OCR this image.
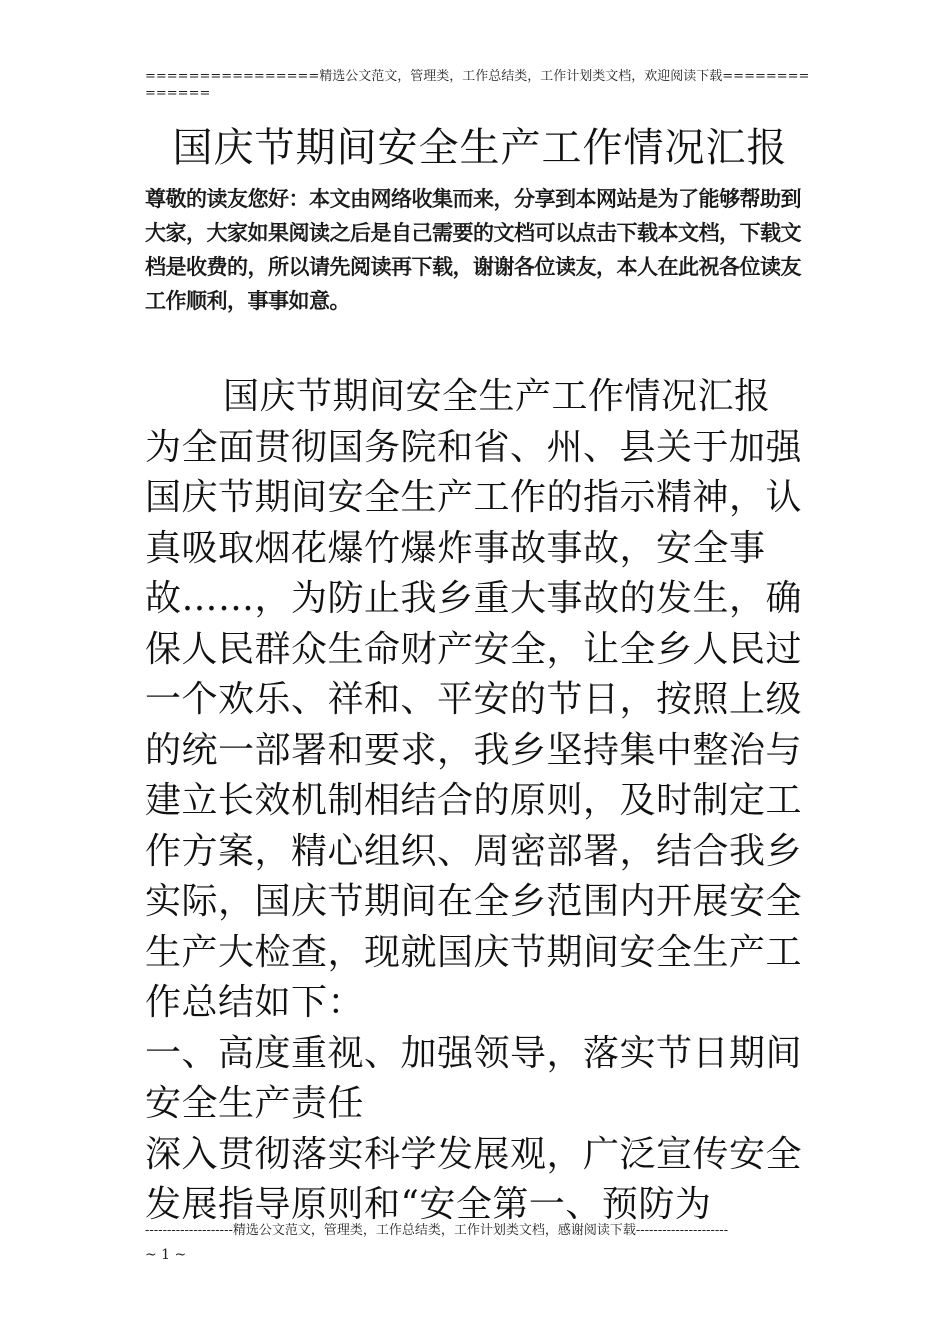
================精选公文范文，管理类，工作总结类，工作计划类文档，欢迎阅读下载==============
国庆节期间安全生产工作情况汇报
尊敬的读友您好：本文由网络收集而来，分享到本网站是为了能够帮助到大家，大家如果阅读之后是自己需要的文档可以点击下载本文档，下载文档是收费的，所以请先阅读再下载，谢谢各位读友，本人在此祝各位读友工作顺利，事事如意。

国庆节期间安全生产工作情况汇报

为全面贯彻国务院和省、州、县关于加强国庆节期间安全生产工作的指示精神，认真吸取烟花爆竹爆炸事故事故，安全事故……，为防止我乡重大事故的发生，确保人民群众生命财产安全，让全乡人民过一个欢乐、祥和、平安的节日，按照上级的统一部署和要求，我乡坚持集中整治与建立长效机制相结合的原则，及时制定工作方案，精心组织、周密部署，结合我乡实际，国庆节期间在全乡范围内开展安全生产大检查，现就国庆节期间安全生产工作总结如下：

一、高度重视、加强领导，落实节日期间安全生产责任

深入贯彻落实科学发展观，广泛宣传安全发展指导原则和“安全第一、预防为

--------------------精选公文范文，管理类，工作总结类，工作计划类文档，感谢阅读下载---------------------
~ 1 ~
